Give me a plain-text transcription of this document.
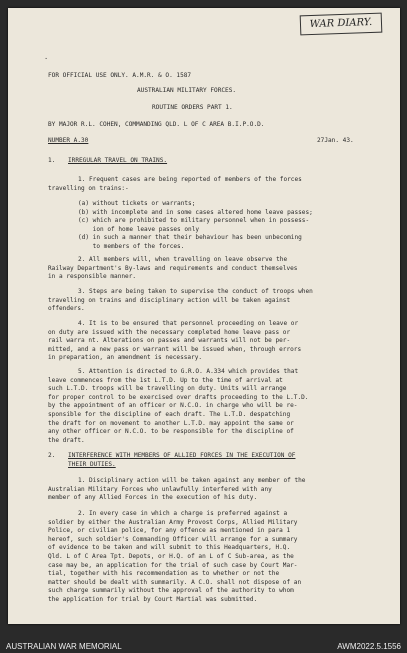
WAR DIARY.
.
FOR OFFICIAL USE ONLY. A.M.R. & O. 1587
AUSTRALIAN MILITARY FORCES.
ROUTINE ORDERS PART 1.
BY MAJOR R.L. COHEN, COMMANDING QLD. L OF C AREA B.I.P.O.D.
NUMBER A.30	27Jan. 43.
1. IRREGULAR TRAVEL ON TRAINS.
1. Frequent cases are being reported of members of the forces
travelling on trains:-
(a) without tickets or warrants;
(b) with incomplete and in some cases altered home leave passes;
(c) which are prohibited to military personnel when in possess-
ion of home leave passes only
(d) in such a manner that their behaviour has been unbecoming
to members of the forces.
2. All members will, when travelling on leave observe the
Railway Department's By-laws and requirements and conduct themselves
in a responsible manner.
3. Steps are being taken to supervise the conduct of troops when
travelling on trains and disciplinary action will be taken against
offenders.
4. It is to be ensured that personnel proceeding on leave or
on duty are issued with the necessary completed home leave pass or
rail warra nt. Alterations on passes and warrants will not be per-
mitted, and a new pass or warrant will be issued when, through errors
in preparation, an amendment is necessary.
5. Attention is directed to G.R.O. A.334 which provides that
leave commences from the 1st L.T.D. Up to the time of arrival at
such L.T.D. troops will be travelling on duty. Units will arrange
for proper control to be exercised over drafts proceeding to the L.T.D.
by the appointment of an officer or N.C.O. in charge who will be re-
sponsible for the discipline of each draft. The L.T.D. despatching
the draft for on movement to another L.T.D. may appoint the same or
any other officer or N.C.O. to be responsible for the discipline of
the draft.
2. INTERFERENCE WITH MEMBERS OF ALLIED FORCES IN THE EXECUTION OF
THEIR DUTIES.
1. Disciplinary action will be taken against any member of the
Australian Military Forces who unlawfully interfered with any
member of any Allied Forces in the execution of his duty.
2. In every case in which a charge is preferred against a
soldier by either the Australian Army Provost Corps, Allied Military
Police, or civilian police, for any offence as mentioned in para 1
hereof, such soldier's Commanding Officer will arrange for a summary
of evidence to be taken and will submit to this Headquarters, H.Q.
Qld. L of C Area Tpt. Depots, or H.Q. of an L of C Sub-area, as the
case may be, an application for the trial of such case by Court Mar-
tial, together with his recommendation as to whether or not the
matter should be dealt with summarily. A C.O. shall not dispose of an
such charge summarily without the approval of the authority to whom
the application for trial by Court Martial was submitted.
AUSTRALIAN WAR MEMORIAL	AWM2022.5.1556
